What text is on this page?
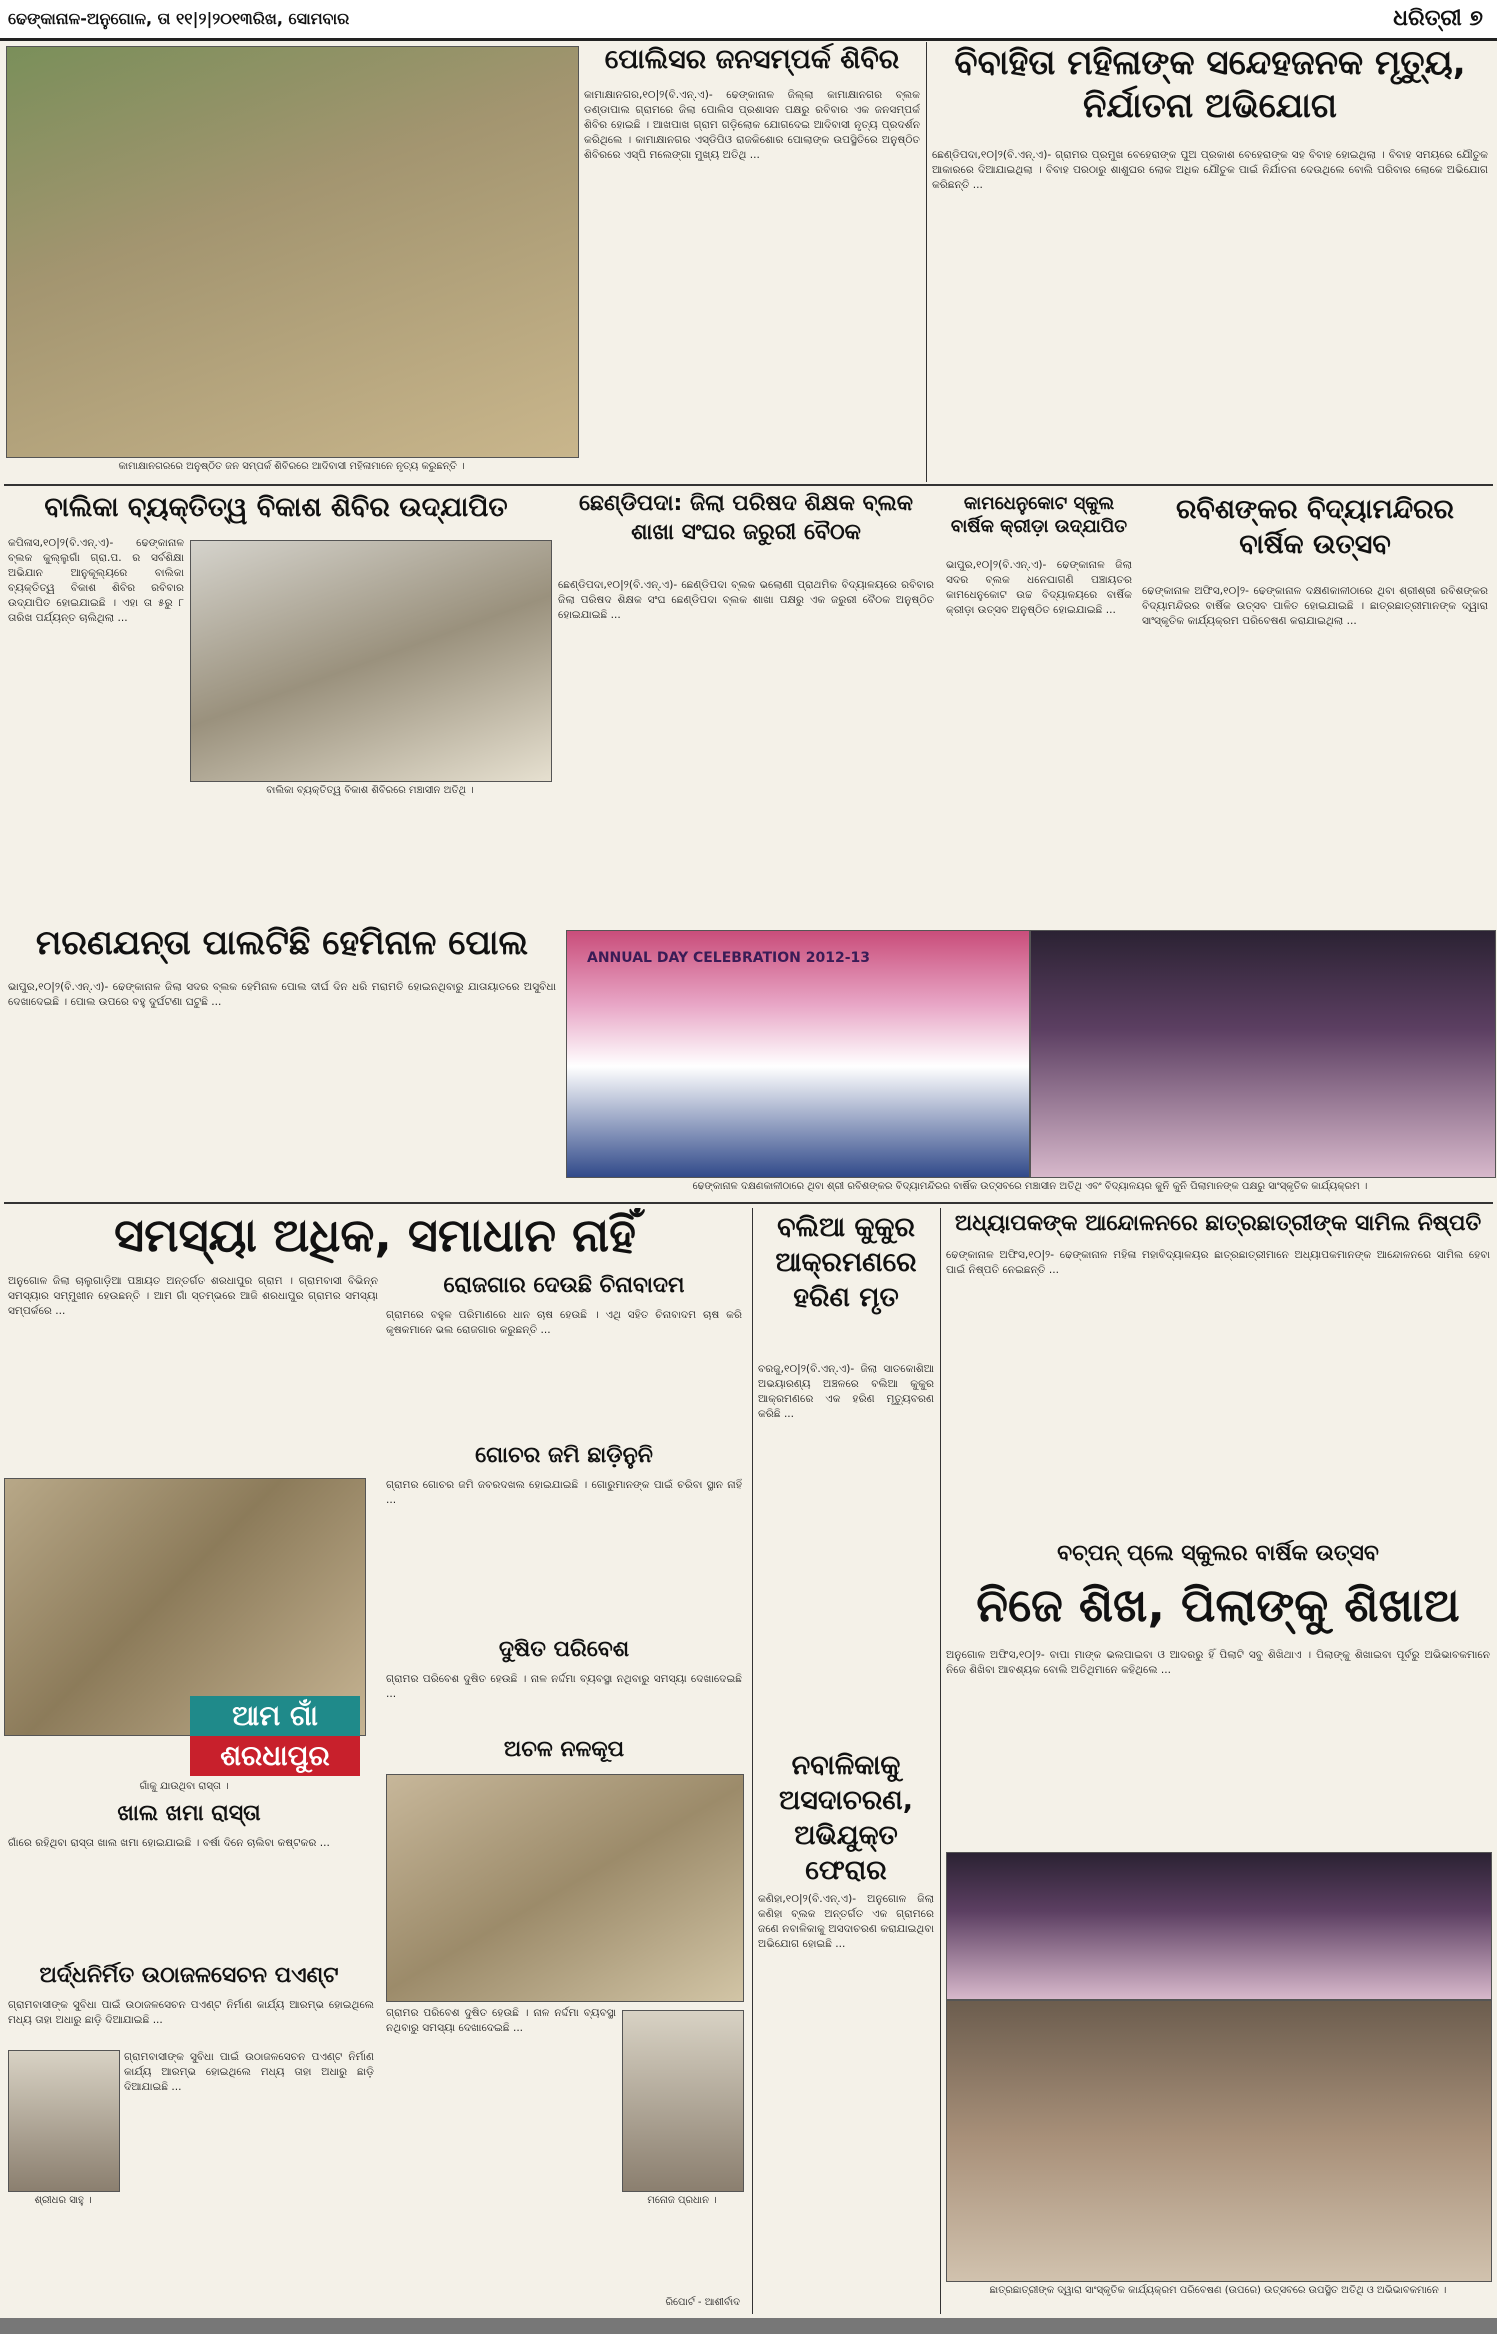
ଢେଙ୍କାନାଳ-ଅନୁଗୋଳ, ତା ୧୧|୨|୨୦୧୩ରିଖ, ସୋମବାର	ଧରିତ୍ରୀ ୭
କାମାକ୍ଷାନଗରରେ ଅନୁଷ୍ଠିତ ଜନ ସମ୍ପର୍କ ଶିବିରରେ ଆଦିବାସୀ ମହିଳାମାନେ ନୃତ୍ୟ କରୁଛନ୍ତି ।
ପୋଲିସର ଜନସମ୍ପର୍କ ଶିବିର
କାମାକ୍ଷାନଗର,୧୦|୨(ବି.ଏନ୍.ଏ)- ଢେଙ୍କାନାଳ ଜିଲ୍ଲା କାମାକ୍ଷାନଗର ବ୍ଲକ ଡଣ୍ଡାପାଲ ଗ୍ରାମରେ ଜିଲା ପୋଲିସ ପ୍ରଶାସନ ପକ୍ଷରୁ ରବିବାର ଏକ ଜନସମ୍ପର୍କ ଶିବିର ହୋଇଛି । ଆଖପାଖ ଗ୍ରାମ ଗଡ଼ିଲୋକ ଯୋଗଦେଇ ଆଦିବାସୀ ନୃତ୍ୟ ପ୍ରଦର୍ଶନ କରିଥିଲେ । କାମାକ୍ଷାନଗର ଏସ୍ଡିପିଓ ରାଜକିଶୋର ପୋଲାଙ୍କ ଉପସ୍ଥିତିରେ ଅନୁଷ୍ଠିତ ଶିବିରରେ ଏସ୍ପି ମଲେଙ୍ଗା ମୁଖ୍ୟ ଅତିଥି ...
ବିବାହିତା ମହିଳାଙ୍କ ସନ୍ଦେହଜନକ ମୃତ୍ୟୁ, ନିର୍ଯାତନା ଅଭିଯୋଗ
ଛେଣ୍ଡିପଦା,୧୦|୨(ବି.ଏନ୍.ଏ)- ଗ୍ରାମର ପ୍ରମୁଖ ବେହେରାଙ୍କ ପୁଅ ପ୍ରକାଶ ବେହେରାଙ୍କ ସହ ବିବାହ ହୋଇଥିଲା । ବିବାହ ସମୟରେ ଯୌତୁକ ଆକାରରେ ଦିଆଯାଇଥିଲା । ବିବାହ ପରଠାରୁ ଶାଶୁଘର ଲୋକ ଅଧିକ ଯୌତୁକ ପାଇଁ ନିର୍ଯାତନା ଦେଉଥିଲେ ବୋଲି ପରିବାର ଲୋକେ ଅଭିଯୋଗ କରିଛନ୍ତି ...
ବାଲିକା ବ୍ୟକ୍ତିତ୍ୱ ବିକାଶ ଶିବିର ଉଦ୍‌ଯାପିତ
କପିଳାସ,୧୦|୨(ବି.ଏନ୍.ଏ)- ଢେଙ୍କାନାଳ ବ୍ଲକ କୁଲ୍ଲୁଗାଁ ଗ୍ରା.ପ. ର ସର୍ବଶିକ୍ଷା ଅଭିଯାନ ଆନୁକୂଲ୍ୟରେ ବାଲିକା ବ୍ୟକ୍ତିତ୍ୱ ବିକାଶ ଶିବିର ରବିବାର ଉଦ୍‌ଯାପିତ ହୋଇଯାଇଛି । ଏହା ତା ୫ରୁ ୮ ତାରିଖ ପର୍ଯ୍ୟନ୍ତ ଚାଲିଥିଲା ...
ବାଲିକା ବ୍ୟକ୍ତିତ୍ୱ ବିକାଶ ଶିବିରରେ ମଞ୍ଚାସୀନ ଅତିଥି ।
ଛେଣ୍ଡିପଦା: ଜିଲା ପରିଷଦ ଶିକ୍ଷକ ବ୍ଲକ ଶାଖା ସଂଘର ଜରୁରୀ ବୈଠକ
ଛେଣ୍ଡିପଦା,୧୦|୨(ବି.ଏନ୍.ଏ)- ଛେଣ୍ଡିପଦା ବ୍ଲକ ଭଲୋଣୀ ପ୍ରାଥମିକ ବିଦ୍ୟାଳୟରେ ରବିବାର ଜିଲା ପରିଷଦ ଶିକ୍ଷକ ସଂଘ ଛେଣ୍ଡିପଦା ବ୍ଲକ ଶାଖା ପକ୍ଷରୁ ଏକ ଜରୁରୀ ବୈଠକ ଅନୁଷ୍ଠିତ ହୋଇଯାଇଛି ...
କାମଧେନୁକୋଟ ସ୍କୁଲ ବାର୍ଷିକ କ୍ରୀଡ଼ା ଉଦ୍‌ଯାପିତ
ଭାପୁର,୧୦|୨(ବି.ଏନ୍.ଏ)- ଢେଙ୍କାନାଳ ଜିଲା ସଦର ବ୍ଲକ ଧନେଘାଗଣି ପଞ୍ଚାୟତର କାମଧେନୁକୋଟ ଉଚ୍ଚ ବିଦ୍ୟାଳୟରେ ବାର୍ଷିକ କ୍ରୀଡ଼ା ଉତ୍ସବ ଅନୁଷ୍ଠିତ ହୋଇଯାଇଛି ...
ରବିଶଙ୍କର ବିଦ୍ୟାମନ୍ଦିରର ବାର୍ଷିକ ଉତ୍ସବ
ଢେଙ୍କାନାଳ ଅଫିସ,୧୦|୨- ଢେଙ୍କାନାଳ ଦକ୍ଷଣକାଳୀଠାରେ ଥିବା ଶ୍ରୀଶ୍ରୀ ରବିଶଙ୍କର ବିଦ୍ୟାମନ୍ଦିରର ବାର୍ଷିକ ଉତ୍ସବ ପାଳିତ ହୋଇଯାଇଛି । ଛାତ୍ରଛାତ୍ରୀମାନଙ୍କ ଦ୍ୱାରା ସାଂସ୍କୃତିକ କାର୍ଯ୍ୟକ୍ରମ ପରିବେଷଣ କରାଯାଇଥିଲା ...
ମରଣଯନ୍ତା ପାଲଟିଛି ହେମିନାଳ ପୋଲ
ଭାପୁର,୧୦|୨(ବି.ଏନ୍.ଏ)- ଢେଙ୍କାନାଳ ଜିଲା ସଦର ବ୍ଲକ ହେମିନାଳ ପୋଲ ଦୀର୍ଘ ଦିନ ଧରି ମରାମତି ହୋଇନଥିବାରୁ ଯାତାୟାତରେ ଅସୁବିଧା ଦେଖାଦେଇଛି । ପୋଲ ଉପରେ ବହୁ ଦୁର୍ଘଟଣା ଘଟୁଛି ...
ANNUAL DAY CELEBRATION 2012-13
ଢେଙ୍କାନାଳ ଦକ୍ଷଣକାଳୀଠାରେ ଥିବା ଶ୍ରୀ ରବିଶଙ୍କର ବିଦ୍ୟାମନ୍ଦିରର ବାର୍ଷିକ ଉତ୍ସବରେ ମଞ୍ଚାସୀନ ଅତିଥି ଏବଂ ବିଦ୍ୟାଳୟର କୁନି କୁନି ପିଲାମାନଙ୍କ ପକ୍ଷରୁ ସାଂସ୍କୃତିକ କାର୍ଯ୍ୟକ୍ରମ ।
ସମସ୍ୟା ଅଧିକ, ସମାଧାନ ନାହିଁ
ଅନୁଗୋଳ ଜିଲା ଚାଲୁଗାଡ଼ିଆ ପଞ୍ଚାୟତ ଅନ୍ତର୍ଗତ ଶରଧାପୁର ଗ୍ରାମ । ଗ୍ରାମବାସୀ ବିଭିନ୍ନ ସମସ୍ୟାର ସମ୍ମୁଖୀନ ହେଉଛନ୍ତି । ଆମ ଗାଁ ସ୍ତମ୍ଭରେ ଆଜି ଶରଧାପୁର ଗ୍ରାମର ସମସ୍ୟା ସମ୍ପର୍କରେ ...
ରୋଜଗାର ଦେଉଛି ଚିନାବାଦମ
ଗ୍ରାମରେ ବହୁଳ ପରିମାଣରେ ଧାନ ଚାଷ ହେଉଛି । ଏଥି ସହିତ ଚିନାବାଦମ ଚାଷ କରି କୃଷକମାନେ ଭଲ ରୋଜଗାର କରୁଛନ୍ତି ...
ଗୋଚର ଜମି ଛାଡ଼ିନୁନି
ଗ୍ରାମର ଗୋଚର ଜମି ଜବରଦଖଲ ହୋଇଯାଇଛି । ଗୋରୁମାନଙ୍କ ପାଇଁ ଚରିବା ସ୍ଥାନ ନାହିଁ ...
ଦୁଷିତ ପରିବେଶ
ଗ୍ରାମର ପରିବେଶ ଦୁଷିତ ହେଉଛି । ନାଳ ନର୍ଦ୍ଦମା ବ୍ୟବସ୍ଥା ନଥିବାରୁ ସମସ୍ୟା ଦେଖାଦେଇଛି ...
ଆମ ଗାଁ
ଶରଧାପୁର
ଗାଁକୁ ଯାଉଥିବା ରାସ୍ତା ।
ଅଚଳ ନଳକୂପ
ଖାଲ ଖମା ରାସ୍ତା
ଗାଁରେ ରହିଥିବା ରାସ୍ତା ଖାଲ ଖମା ହୋଇଯାଇଛି । ବର୍ଷା ଦିନେ ଚାଲିବା କଷ୍ଟକର ...
ଅର୍ଦ୍ଧନିର୍ମିତ ଉଠାଜଳସେଚନ ପଏଣ୍ଟ
ଗ୍ରାମବାସୀଙ୍କ ସୁବିଧା ପାଇଁ ଉଠାଜଳସେଚନ ପଏଣ୍ଟ ନିର୍ମାଣ କାର୍ଯ୍ୟ ଆରମ୍ଭ ହୋଇଥିଲେ ମଧ୍ୟ ତାହା ଅଧାରୁ ଛାଡ଼ି ଦିଆଯାଇଛି ...
ଶ୍ରୀଧର ସାହୁ ।
ଗ୍ରାମବାସୀଙ୍କ ସୁବିଧା ପାଇଁ ଉଠାଜଳସେଚନ ପଏଣ୍ଟ ନିର୍ମାଣ କାର୍ଯ୍ୟ ଆରମ୍ଭ ହୋଇଥିଲେ ମଧ୍ୟ ତାହା ଅଧାରୁ ଛାଡ଼ି ଦିଆଯାଇଛି ...
ଗ୍ରାମର ପରିବେଶ ଦୁଷିତ ହେଉଛି । ନାଳ ନର୍ଦ୍ଦମା ବ୍ୟବସ୍ଥା ନଥିବାରୁ ସମସ୍ୟା ଦେଖାଦେଇଛି ...
ମନୋଜ ପ୍ରଧାନ ।
ରିପୋର୍ଟ - ଆଶୀର୍ବାଦ
ବଲିଆ କୁକୁର ଆକ୍ରମଣରେ ହରିଣ ମୃତ
ବରଜୁ,୧୦|୨(ବି.ଏନ୍.ଏ)- ଜିଲା ସାତକୋଶିଆ ଅଭୟାରଣ୍ୟ ଅଞ୍ଚଳରେ ବଲିଆ କୁକୁର ଆକ୍ରମଣରେ ଏକ ହରିଣ ମୃତ୍ୟୁବରଣ କରିଛି ...
ନବାଳିକାକୁ ଅସଦାଚରଣ, ଅଭିଯୁକ୍ତ ଫେରାର
କଣିହା,୧୦|୨(ବି.ଏନ୍.ଏ)- ଅନୁଗୋଳ ଜିଲା କଣିହା ବ୍ଲକ ଅନ୍ତର୍ଗତ ଏକ ଗ୍ରାମରେ ଜଣେ ନବାଳିକାକୁ ଅସଦାଚରଣ କରାଯାଇଥିବା ଅଭିଯୋଗ ହୋଇଛି ...
ଅଧ୍ୟାପକଙ୍କ ଆନ୍ଦୋଳନରେ ଛାତ୍ରଛାତ୍ରୀଙ୍କ ସାମିଲ ନିଷ୍ପତି
ଢେଙ୍କାନାଳ ଅଫିସ,୧୦|୨- ଢେଙ୍କାନାଳ ମହିଳା ମହାବିଦ୍ୟାଳୟର ଛାତ୍ରଛାତ୍ରୀମାନେ ଅଧ୍ୟାପକମାନଙ୍କ ଆନ୍ଦୋଳନରେ ସାମିଲ ହେବା ପାଇଁ ନିଷ୍ପତି ନେଇଛନ୍ତି ...
ବଚ୍ପନ୍ ପ୍ଲେ ସ୍କୁଲର ବାର୍ଷିକ ଉତ୍ସବ
ନିଜେ ଶିଖ, ପିଲାଙ୍କୁ ଶିଖାଅ
ଅନୁଗୋଳ ଅଫିସ,୧୦|୨- ବାପା ମାଙ୍କ ଭଲପାଇବା ଓ ଆଦରରୁ ହିଁ ପିଲାଟି ସବୁ ଶିଖିଥାଏ । ପିଲାଙ୍କୁ ଶିଖାଇବା ପୂର୍ବରୁ ଅଭିଭାବକମାନେ ନିଜେ ଶିଖିବା ଆବଶ୍ୟକ ବୋଲି ଅତିଥିମାନେ କହିଥିଲେ ...
ଛାତ୍ରଛାତ୍ରୀଙ୍କ ଦ୍ୱାରା ସାଂସ୍କୃତିକ କାର୍ଯ୍ୟକ୍ରମ ପରିବେଷଣ (ଉପରେ) ଉତ୍ସବରେ ଉପସ୍ଥିତ ଅତିଥି ଓ ଅଭିଭାବକମାନେ ।
